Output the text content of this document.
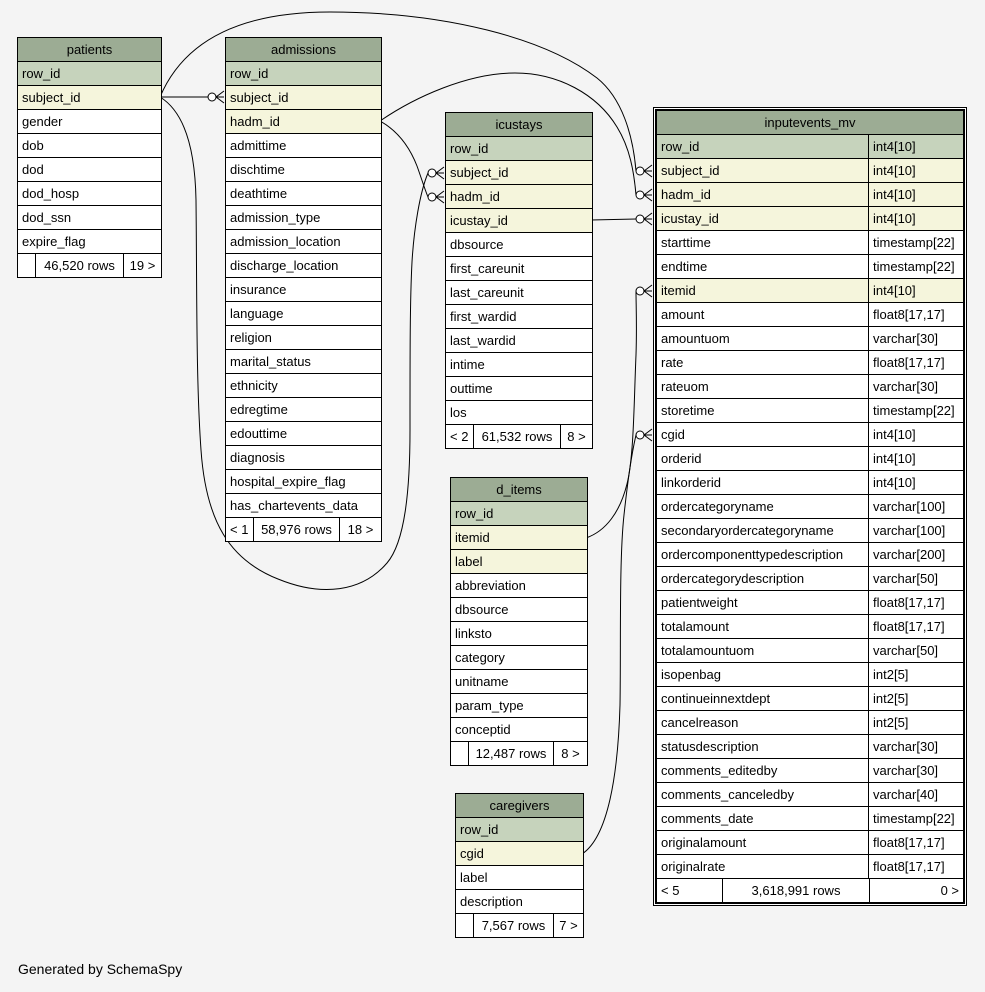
patients
row_id
subject_id
gender
dob
dod
dod_hosp
dod_ssn
expire_flag
46,520 rows	19 >
admissions
row_id
subject_id
hadm_id
admittime
dischtime
deathtime
admission_type
admission_location
discharge_location
insurance
language
religion
marital_status
ethnicity
edregtime
edouttime
diagnosis
hospital_expire_flag
has_chartevents_data
< 1 58,976 rows	18 >
icustays
row_id
subject_id
hadm_id
icustay_id
dbsource
first_careunit
last_careunit
first_wardid
last_wardid
intime
outtime
los
< 2	61,532 rows	8 >
d_items
row_id
itemid
label
abbreviation
dbsource
linksto
category
unitname
param_type
conceptid
12,487 rows	8 >
caregivers
row_id
cgid
label
description
7,567 rows	7 >
inputevents_mv
row_id	int4[10]
subject_id	int4[10]
hadm_id	int4[10]
icustay_id	int4[10]
starttime	timestamp[22]
endtime	timestamp[22]
itemid	int4[10]
amount	float8[17,17]
amountuom	varchar[30]
rate	float8[17,17]
rateuom	varchar[30]
storetime	timestamp[22]
cgid	int4[10]
orderid	int4[10]
linkorderid	int4[10]
ordercategoryname	varchar[100]
secondaryordercategoryname	varchar[100]
ordercomponenttypedescription	varchar[200]
ordercategorydescription	varchar[50]
patientweight	float8[17,17]
totalamount	float8[17,17]
totalamountuom	varchar[50]
isopenbag	int2[5]
continueinnextdept	int2[5]
cancelreason	int2[5]
statusdescription	varchar[30]
comments_editedby	varchar[30]
comments_canceledby	varchar[40]
comments_date	timestamp[22]
originalamount	float8[17,17]
originalrate	float8[17,17]
< 5	3,618,991 rows	0 >
Generated by SchemaSpy
